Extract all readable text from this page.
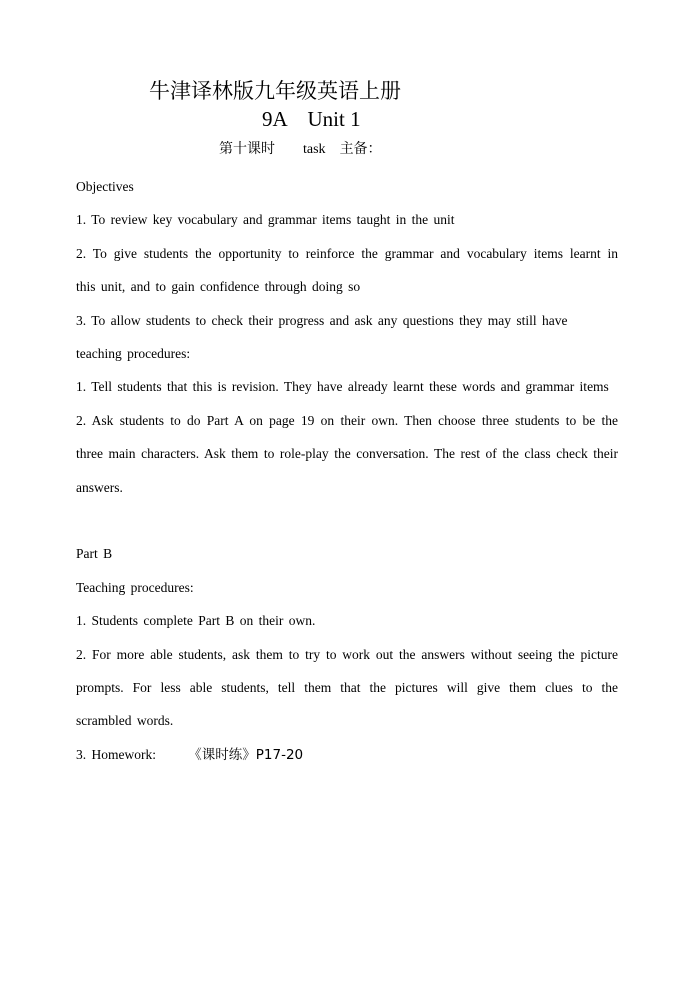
牛津译林版九年级英语上册
9A    Unit 1
第十课时 task 主备：

Objectives

1. To review key vocabulary and grammar items taught in the unit

2. To give students the opportunity to reinforce the grammar and vocabulary items learnt in this unit, and to gain confidence through doing so

3. To allow students to check their progress and ask any questions they may still have

teaching procedures:

1. Tell students that this is revision. They have already learnt these words and grammar items

2. Ask students to do Part A on page 19 on their own. Then choose three students to be the three main characters. Ask them to role-play the conversation. The rest of the class check their answers.

Part B

Teaching procedures:

1. Students complete Part B on their own.

2. For more able students, ask them to try to work out the answers without seeing the picture prompts. For less able students, tell them that the pictures will give them clues to the scrambled words.

3. Homework: 《课时练》P17-20
